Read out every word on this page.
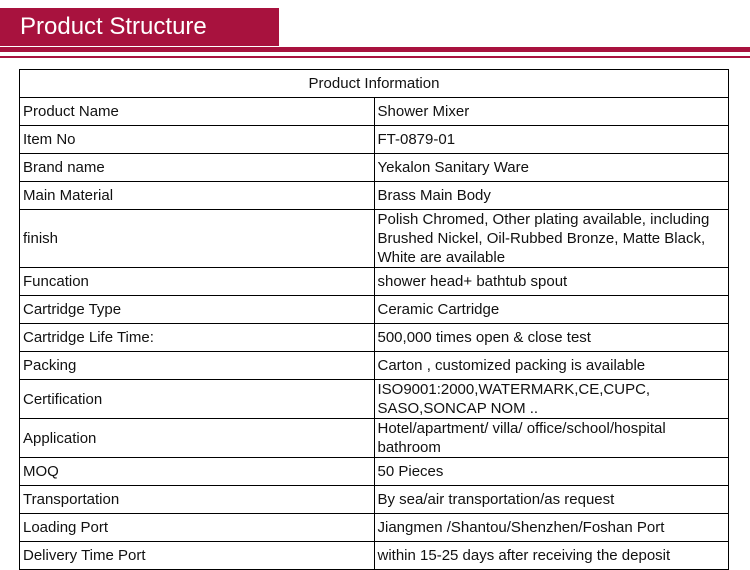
Product Structure
Product Information	
Product Name	Shower Mixer
Item No	FT-0879-01
Brand name	Yekalon Sanitary Ware
Main Material	Brass Main Body
finish	Polish Chromed, Other plating available, including Brushed Nickel, Oil-Rubbed Bronze, Matte Black, White are available
Funcation	shower head+ bathtub spout
Cartridge Type	Ceramic Cartridge
Cartridge Life Time:	500,000 times open & close test
Packing	Carton , customized packing is available
Certification	ISO9001:2000,WATERMARK,CE,CUPC, SASO,SONCAP NOM ..
Application	Hotel/apartment/ villa/ office/school/hospital bathroom
MOQ	50 Pieces
Transportation	By sea/air transportation/as request
Loading Port	Jiangmen /Shantou/Shenzhen/Foshan Port
Delivery Time Port	within 15-25 days after receiving the deposit
